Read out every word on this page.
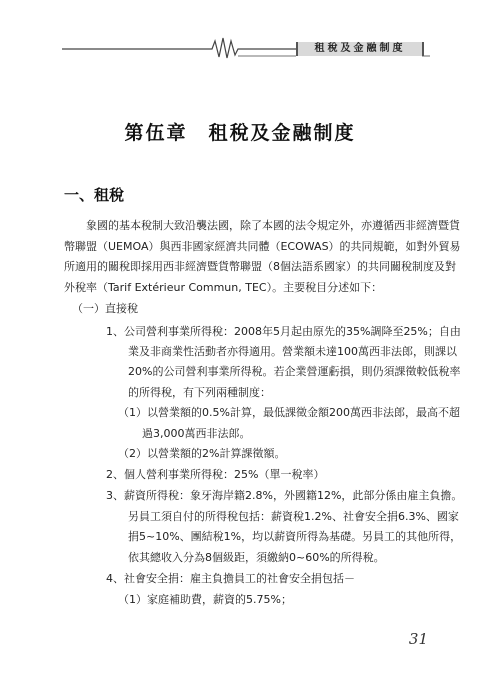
租稅及金融制度
第伍章　租稅及金融制度
一、租稅
象國的基本稅制大致沿襲法國，除了本國的法令規定外，亦遵循西非經濟暨貨
幣聯盟（UEMOA）與西非國家經濟共同體（ECOWAS）的共同規範，如對外貿易
所適用的關稅即採用西非經濟暨貨幣聯盟（8個法語系國家）的共同關稅制度及對
外稅率（Tarif Extérieur Commun, TEC）。主要稅目分述如下：
（一）直接稅
1、公司營利事業所得稅：2008年5月起由原先的35%調降至25%；自由
業及非商業性活動者亦得適用。營業額未達100萬西非法郎，則課以
20%的公司營利事業所得稅。若企業營運虧損，則仍須課徵較低稅率
的所得稅，有下列兩種制度：
（1）以營業額的0.5%計算，最低課徵金額200萬西非法郎，最高不超
過3,000萬西非法郎。
（2）以營業額的2%計算課徵額。
2、個人營利事業所得稅：25%（單一稅率）
3、薪資所得稅：象牙海岸籍2.8%，外國籍12%，此部分係由雇主負擔。
另員工須自付的所得稅包括：薪資稅1.2%、社會安全捐6.3%、國家
捐5~10%、團結稅1%，均以薪資所得為基礎。另員工的其他所得，
依其總收入分為8個級距，須繳納0~60%的所得稅。
4、社會安全捐：雇主負擔員工的社會安全捐包括－
（1）家庭補助費，薪資的5.75%；
31
